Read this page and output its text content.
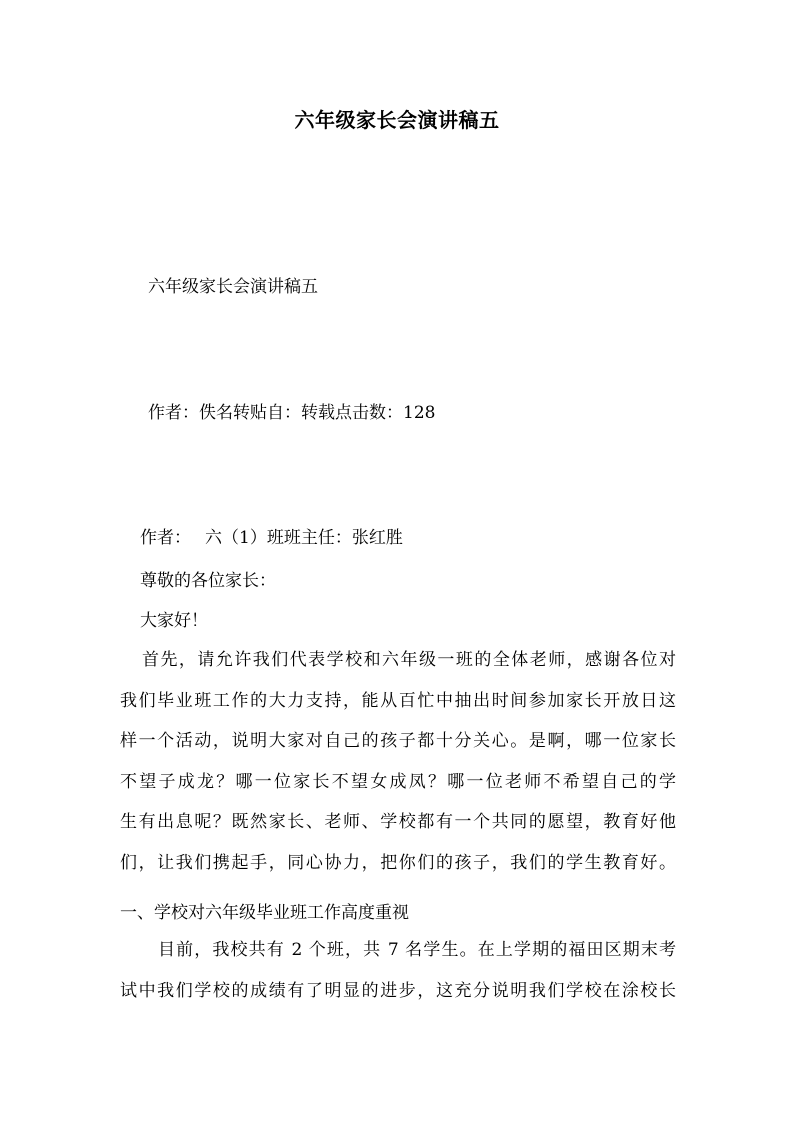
六年级家长会演讲稿五
六年级家长会演讲稿五
作者：佚名转贴自：转载点击数：128
作者： 六（1）班班主任：张红胜
尊敬的各位家长：
大家好！
首先，请允许我们代表学校和六年级一班的全体老师，感谢各位对
我们毕业班工作的大力支持，能从百忙中抽出时间参加家长开放日这
样一个活动，说明大家对自己的孩子都十分关心。是啊，哪一位家长
不望子成龙？哪一位家长不望女成凤？哪一位老师不希望自己的学
生有出息呢？既然家长、老师、学校都有一个共同的愿望，教育好他
们，让我们携起手，同心协力，把你们的孩子，我们的学生教育好。
一、学校对六年级毕业班工作高度重视
目前，我校共有 2 个班，共 7 名学生。在上学期的福田区期末考
试中我们学校的成绩有了明显的进步，这充分说明我们学校在涂校长
